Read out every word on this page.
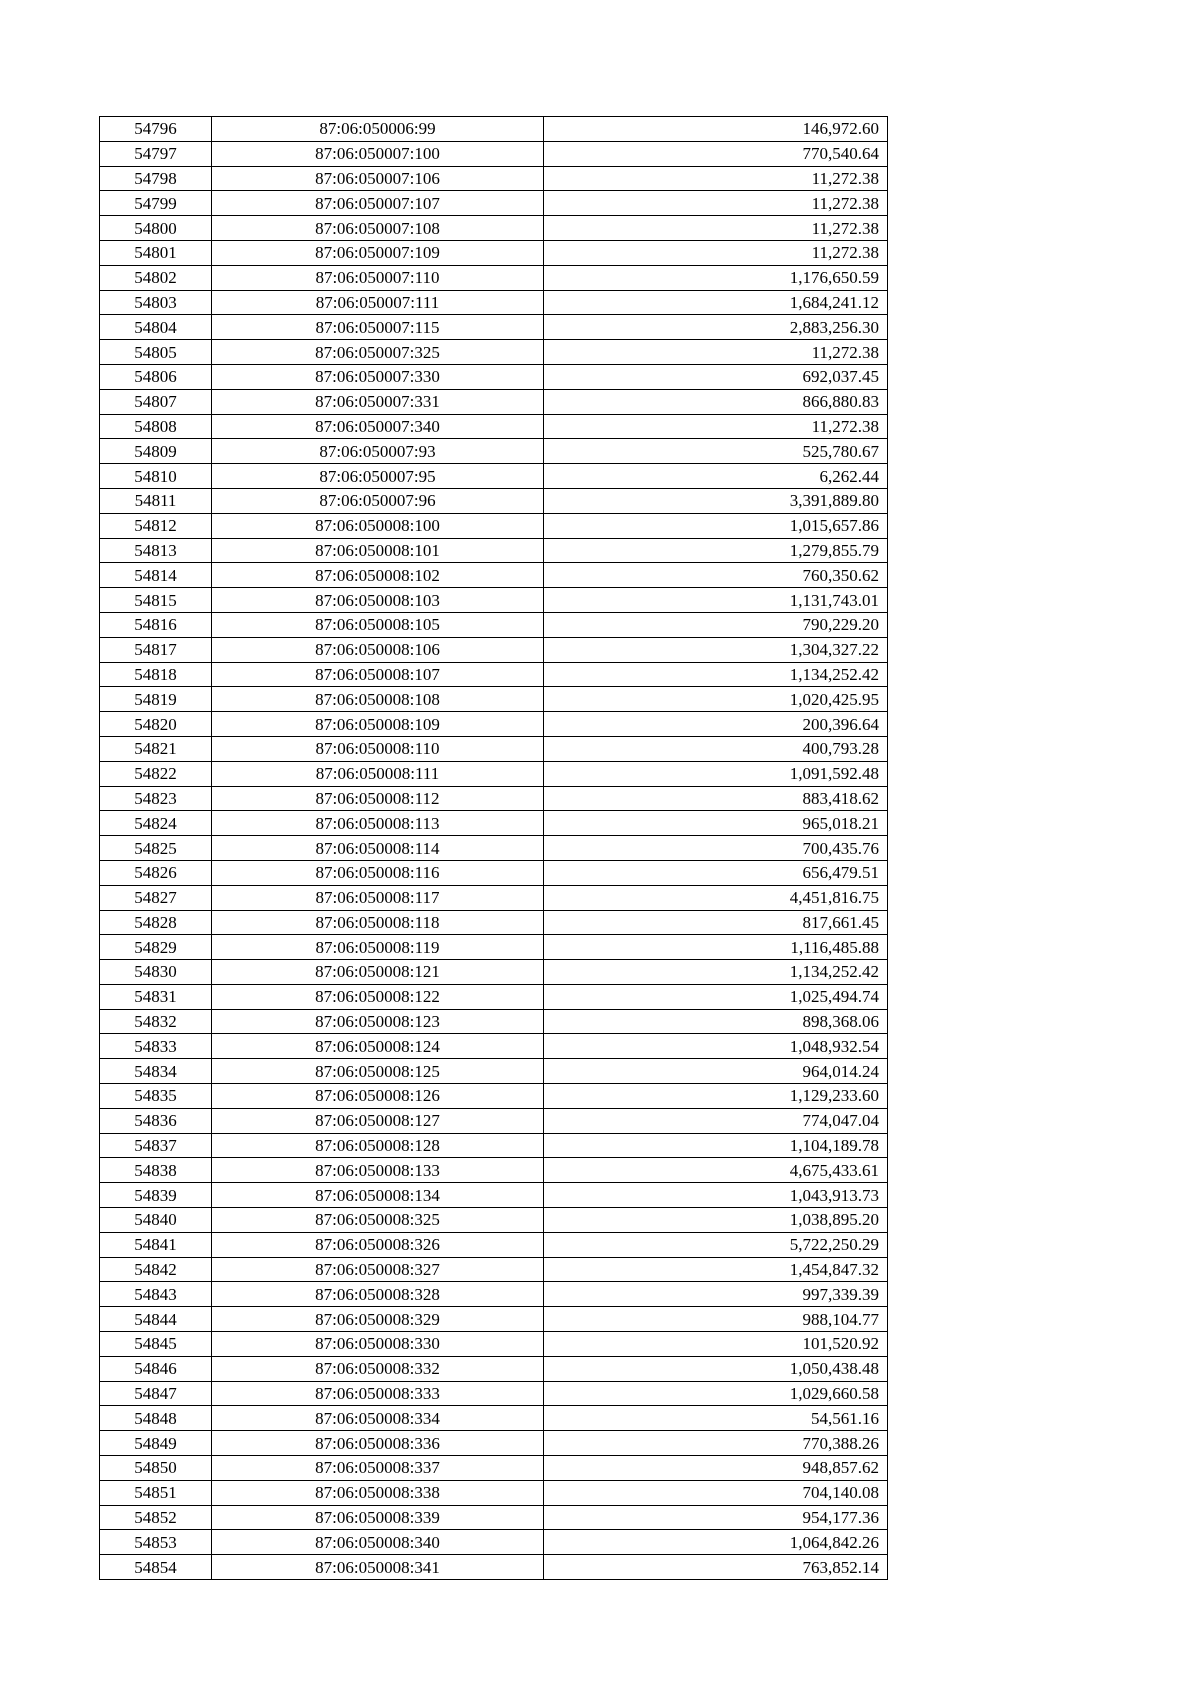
54796	87:06:050006:99	146,972.60
54797	87:06:050007:100	770,540.64
54798	87:06:050007:106	11,272.38
54799	87:06:050007:107	11,272.38
54800	87:06:050007:108	11,272.38
54801	87:06:050007:109	11,272.38
54802	87:06:050007:110	1,176,650.59
54803	87:06:050007:111	1,684,241.12
54804	87:06:050007:115	2,883,256.30
54805	87:06:050007:325	11,272.38
54806	87:06:050007:330	692,037.45
54807	87:06:050007:331	866,880.83
54808	87:06:050007:340	11,272.38
54809	87:06:050007:93	525,780.67
54810	87:06:050007:95	6,262.44
54811	87:06:050007:96	3,391,889.80
54812	87:06:050008:100	1,015,657.86
54813	87:06:050008:101	1,279,855.79
54814	87:06:050008:102	760,350.62
54815	87:06:050008:103	1,131,743.01
54816	87:06:050008:105	790,229.20
54817	87:06:050008:106	1,304,327.22
54818	87:06:050008:107	1,134,252.42
54819	87:06:050008:108	1,020,425.95
54820	87:06:050008:109	200,396.64
54821	87:06:050008:110	400,793.28
54822	87:06:050008:111	1,091,592.48
54823	87:06:050008:112	883,418.62
54824	87:06:050008:113	965,018.21
54825	87:06:050008:114	700,435.76
54826	87:06:050008:116	656,479.51
54827	87:06:050008:117	4,451,816.75
54828	87:06:050008:118	817,661.45
54829	87:06:050008:119	1,116,485.88
54830	87:06:050008:121	1,134,252.42
54831	87:06:050008:122	1,025,494.74
54832	87:06:050008:123	898,368.06
54833	87:06:050008:124	1,048,932.54
54834	87:06:050008:125	964,014.24
54835	87:06:050008:126	1,129,233.60
54836	87:06:050008:127	774,047.04
54837	87:06:050008:128	1,104,189.78
54838	87:06:050008:133	4,675,433.61
54839	87:06:050008:134	1,043,913.73
54840	87:06:050008:325	1,038,895.20
54841	87:06:050008:326	5,722,250.29
54842	87:06:050008:327	1,454,847.32
54843	87:06:050008:328	997,339.39
54844	87:06:050008:329	988,104.77
54845	87:06:050008:330	101,520.92
54846	87:06:050008:332	1,050,438.48
54847	87:06:050008:333	1,029,660.58
54848	87:06:050008:334	54,561.16
54849	87:06:050008:336	770,388.26
54850	87:06:050008:337	948,857.62
54851	87:06:050008:338	704,140.08
54852	87:06:050008:339	954,177.36
54853	87:06:050008:340	1,064,842.26
54854	87:06:050008:341	763,852.14
